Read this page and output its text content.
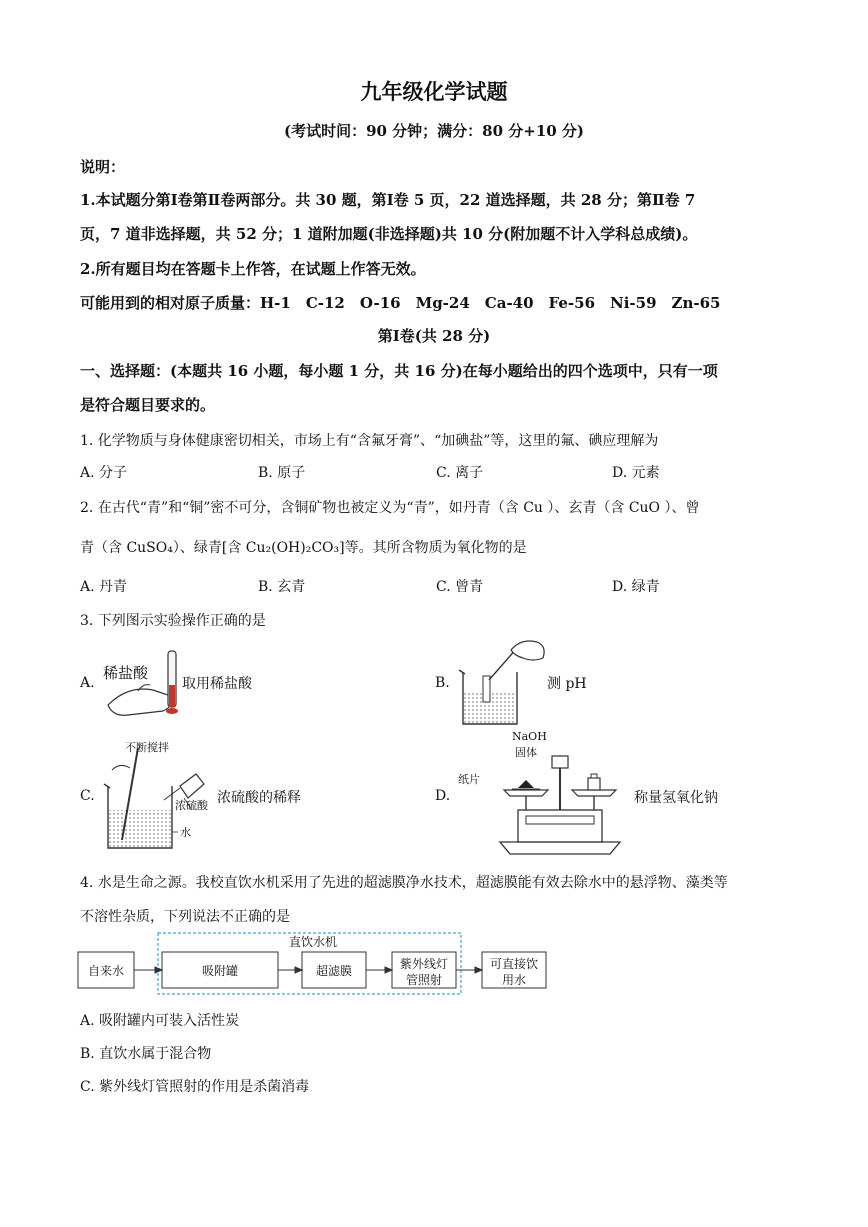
九年级化学试题
(考试时间：90 分钟；满分：80 分+10 分)
说明：
1.本试题分第Ⅰ卷第Ⅱ卷两部分。共 30 题，第Ⅰ卷 5 页，22 道选择题，共 28 分；第Ⅱ卷 7
页，7 道非选择题，共 52 分；1 道附加题(非选择题)共 10 分(附加题不计入学科总成绩)。
2.所有题目均在答题卡上作答，在试题上作答无效。
可能用到的相对原子质量：H-1　C-12　O-16　Mg-24　Ca-40　Fe-56　Ni-59　Zn-65
第Ⅰ卷(共 28 分)
一、选择题：(本题共 16 小题，每小题 1 分，共 16 分)在每小题给出的四个选项中，只有一项
是符合题目要求的。
1. 化学物质与身体健康密切相关，市场上有“含氟牙膏”、“加碘盐”等，这里的氟、碘应理解为
A. 分子	B. 原子	C. 离子	D. 元素
2. 在古代“青”和“铜”密不可分，含铜矿物也被定义为“青”，如丹青（含 Cu ）、玄青（含 CuO ）、曾
青（含 CuSO₄）、绿青[含 Cu₂(OH)₂CO₃]等。其所含物质为氧化物的是
A. 丹青	B. 玄青	C. 曾青	D. 绿青
3. 下列图示实验操作正确的是
A.
稀盐酸
取用稀盐酸	B.	测 pH
C.
不断搅拌
浓硫酸
水
浓硫酸的稀释	D.
NaOH
固体
纸片
称量氢氧化钠
4. 水是生命之源。我校直饮水机采用了先进的超滤膜净水技术，超滤膜能有效去除水中的悬浮物、藻类等
不溶性杂质，下列说法不正确的是
直饮水机
自来水	吸附罐	超滤膜	紫外线灯
管照射
可直接饮
用水
A. 吸附罐内可装入活性炭
B. 直饮水属于混合物
C. 紫外线灯管照射的作用是杀菌消毒
